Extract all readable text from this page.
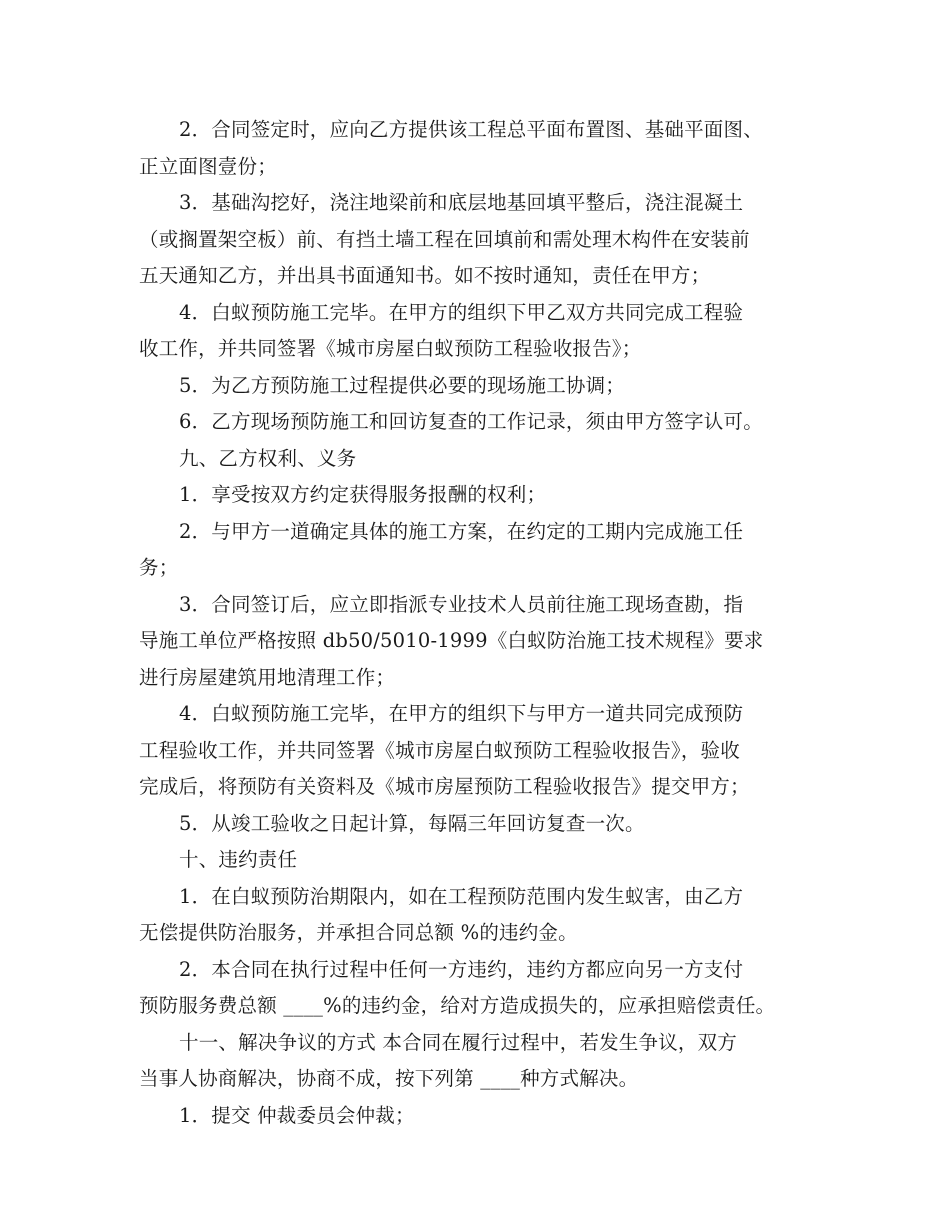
2．合同签定时，应向乙方提供该工程总平面布置图、基础平面图、
正立面图壹份；
3．基础沟挖好，浇注地梁前和底层地基回填平整后，浇注混凝土
（或搁置架空板）前、有挡土墙工程在回填前和需处理木构件在安装前
五天通知乙方，并出具书面通知书。如不按时通知，责任在甲方；
4．白蚁预防施工完毕。在甲方的组织下甲乙双方共同完成工程验
收工作，并共同签署《城市房屋白蚁预防工程验收报告》；
5．为乙方预防施工过程提供必要的现场施工协调；
6．乙方现场预防施工和回访复查的工作记录，须由甲方签字认可。
九、乙方权利、义务
1．享受按双方约定获得服务报酬的权利；
2．与甲方一道确定具体的施工方案，在约定的工期内完成施工任
务；
3．合同签订后，应立即指派专业技术人员前往施工现场查勘，指
导施工单位严格按照 db50/5010-1999《白蚁防治施工技术规程》要求
进行房屋建筑用地清理工作；
4．白蚁预防施工完毕，在甲方的组织下与甲方一道共同完成预防
工程验收工作，并共同签署《城市房屋白蚁预防工程验收报告》，验收
完成后，将预防有关资料及《城市房屋预防工程验收报告》提交甲方；
5．从竣工验收之日起计算，每隔三年回访复查一次。
十、违约责任
1．在白蚁预防治期限内，如在工程预防范围内发生蚁害，由乙方
无偿提供防治服务，并承担合同总额 %的违约金。
2．本合同在执行过程中任何一方违约，违约方都应向另一方支付
预防服务费总额 ____%的违约金，给对方造成损失的，应承担赔偿责任。
十一、解决争议的方式 本合同在履行过程中，若发生争议，双方
当事人协商解决，协商不成，按下列第 ____种方式解决。
1．提交 仲裁委员会仲裁；
